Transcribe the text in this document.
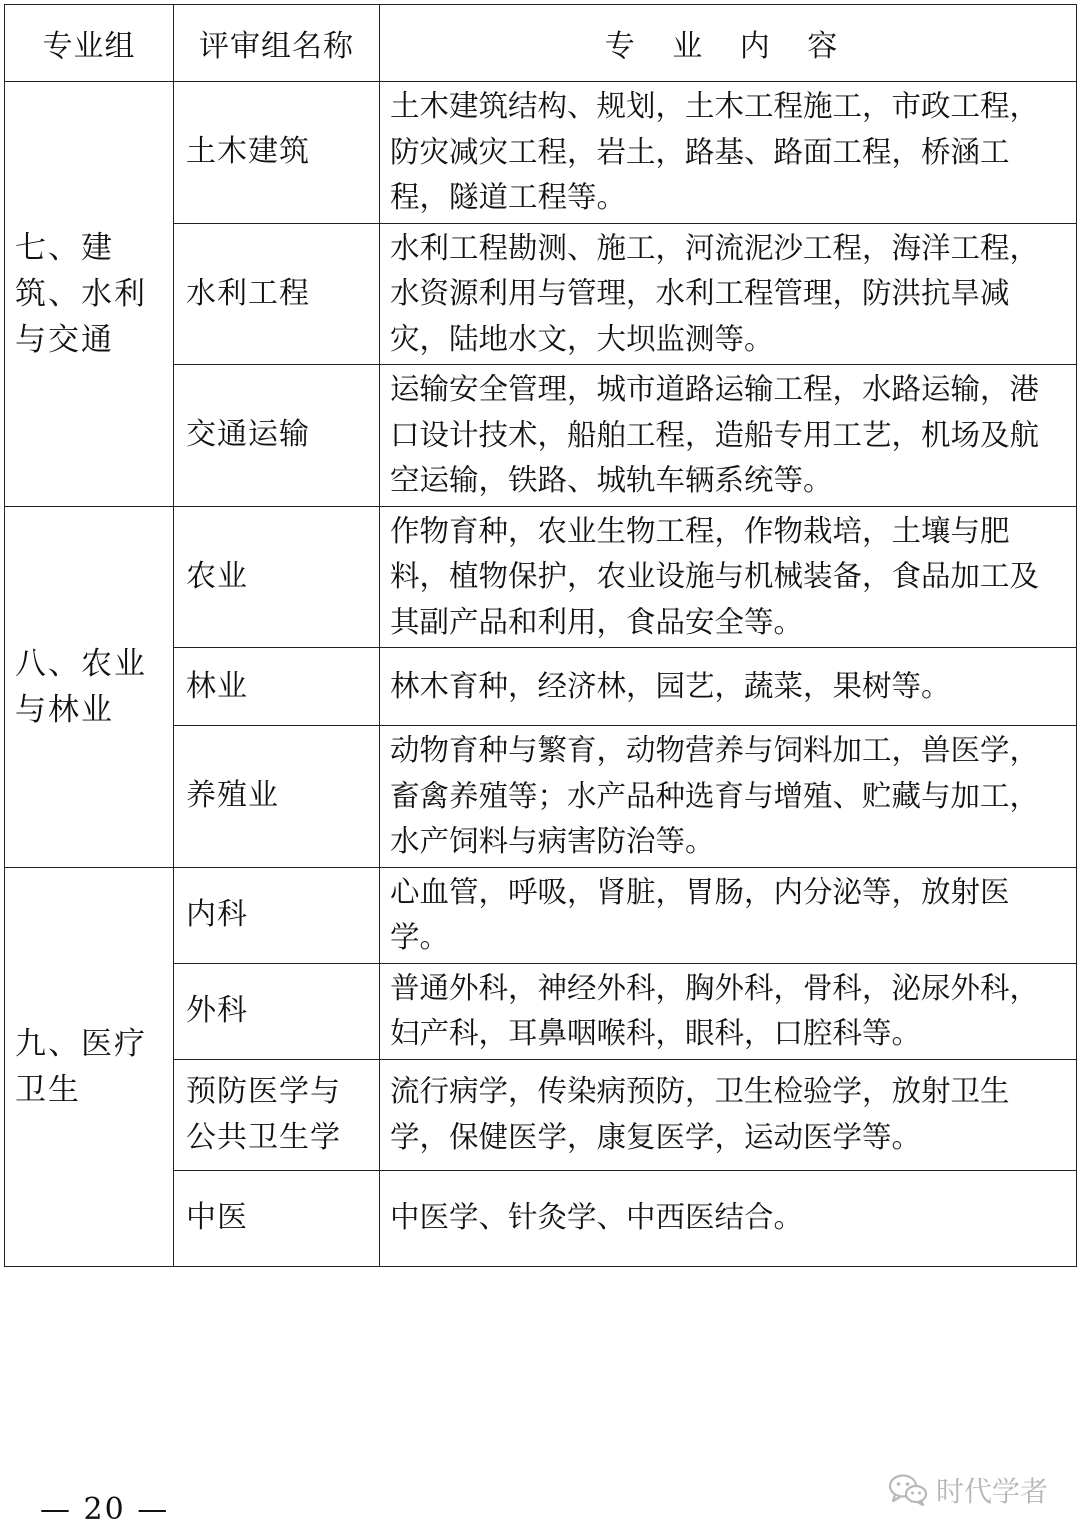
专业组	评审组名称	专 业 内 容
七、建筑、水利与交通	土木建筑	土木建筑结构、规划，土木工程施工，市政工程，防灾减灾工程，岩土，路基、路面工程，桥涵工程，隧道工程等。
	水利工程	水利工程勘测、施工，河流泥沙工程，海洋工程，水资源利用与管理，水利工程管理，防洪抗旱减灾，陆地水文，大坝监测等。
	交通运输	运输安全管理，城市道路运输工程，水路运输，港口设计技术，船舶工程，造船专用工艺，机场及航空运输，铁路、城轨车辆系统等。
八、农业与林业	农业	作物育种，农业生物工程，作物栽培，土壤与肥料，植物保护，农业设施与机械装备，食品加工及其副产品和利用，食品安全等。
	林业	林木育种，经济林，园艺，蔬菜，果树等。
	养殖业	动物育种与繁育，动物营养与饲料加工，兽医学，畜禽养殖等；水产品种选育与增殖、贮藏与加工，水产饲料与病害防治等。
九、医疗卫生	内科	心血管，呼吸，肾脏，胃肠，内分泌等，放射医学。
	外科	普通外科，神经外科，胸外科，骨科，泌尿外科，妇产科，耳鼻咽喉科，眼科，口腔科等。
	预防医学与公共卫生学	流行病学，传染病预防，卫生检验学，放射卫生学，保健医学，康复医学，运动医学等。
	中医	中医学、针灸学、中西医结合。
— 20 —
时代学者
